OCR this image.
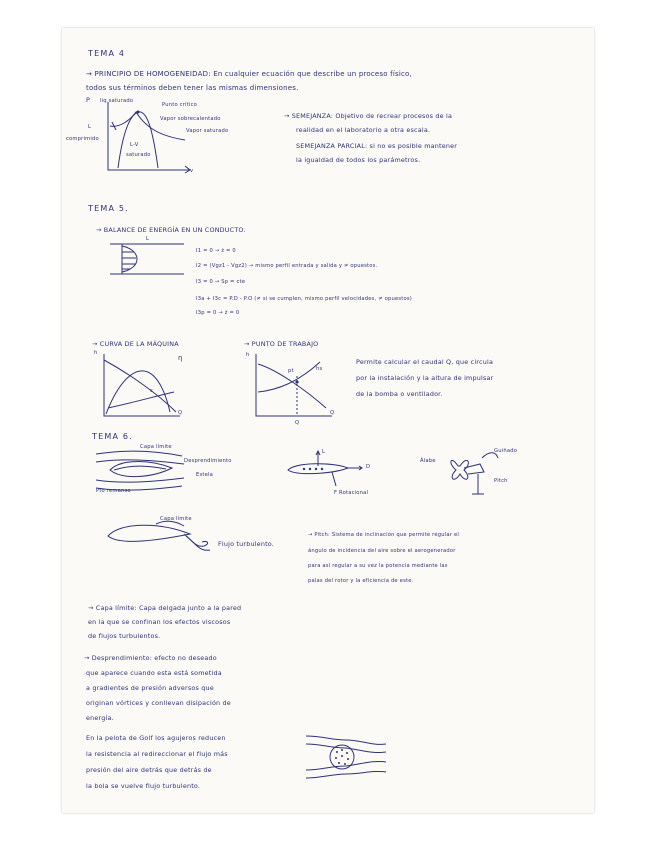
TEMA 4
→ PRINCIPIO DE HOMOGENEIDAD: En cualquier ecuación que describe un proceso físico,
todos sus términos deben tener las mismas dimensiones.
P liq saturado
Punto crítico
Vapor sobrecalentado
Vapor saturado
L
comprimido
L-V
saturado
v
→ SEMEJANZA: Objetivo de recrear procesos de la
realidad en el laboratorio a otra escala.
SEMEJANZA PARCIAL: si no es posible mantener
la igualdad de todos los parámetros.
TEMA 5.
→ BALANCE DE ENERGÍA EN UN CONDUCTO.
L
I1 = 0 → ż = 0
I2 = (Vgz1 - Vgz2) → mismo perfil entrada y salida y ≠ opuestos.
I3 = 0 → Sp = cte
I3a + I3c = P.D - P.O (≠ si se cumplen, mismo perfil velocidades, ≠ opuestos)
I3p = 0 → ż = 0
→ CURVA DE LA MÁQUINA
h
η
c
Q
→ PUNTO DE TRABAJO
h
pt	hs
Q
Q
Permite calcular el caudal Q, que circula
por la instalación y la altura de impulsar
de la bomba o ventilador.
TEMA 6.
Capa límite
Desprendimiento
Estela
Pto remanso
L
D
F Rotacional
Álabe
Guiñado
Pitch
Capa límite
Flujo turbulento.
→ Pitch: Sistema de inclinación que permite regular el
ángulo de incidencia del aire sobre el aerogenerador
para así regular a su vez la potencia mediante las
palas del rotor y la eficiencia de este.
→ Capa límite: Capa delgada junto a la pared
en la que se confinan los efectos viscosos
de flujos turbulentos.
→ Desprendimiento: efecto no deseado
que aparece cuando esta está sometida
a gradientes de presión adversos que
originan vórtices y conllevan disipación de
energía.
En la pelota de Golf los agujeros reducen
la resistencia al redireccionar el flujo más
presión del aire detrás que detrás de
la bola se vuelve flujo turbulento.
